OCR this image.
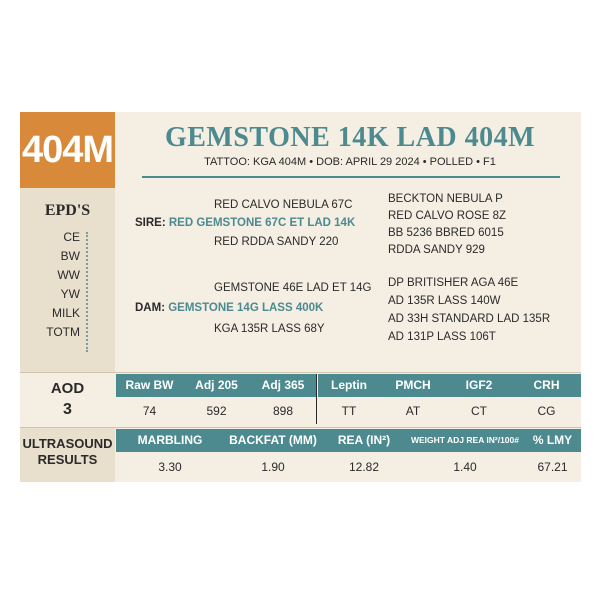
404M	GEMSTONE 14K LAD 404M
TATTOO: KGA 404M • DOB: APRIL 29 2024 • POLLED • F1
EPD'S
CE
BW
WW
YW
MILK
TOTM
RED CALVO NEBULA 67C
SIRE: RED GEMSTONE 67C ET LAD 14K
RED RDDA SANDY 220
BECKTON NEBULA P
RED CALVO ROSE 8Z
BB 5236 BBRED 6015
RDDA SANDY 929
GEMSTONE 46E LAD ET 14G
DAM: GEMSTONE 14G LASS 400K
KGA 135R LASS 68Y
DP BRITISHER AGA 46E
AD 135R LASS 140W
AD 33H STANDARD LAD 135R
AD 131P LASS 106T
AOD
3
Raw BW	Adj 205	Adj 365	Leptin	PMCH	IGF2	CRH
74	592	898	TT	AT	CT	CG
ULTRASOUND
RESULTS
MARBLING	BACKFAT (MM)	REA (IN²)	WEIGHT ADJ REA IN²/100#	% LMY
3.30	1.90	12.82	1.40	67.21
